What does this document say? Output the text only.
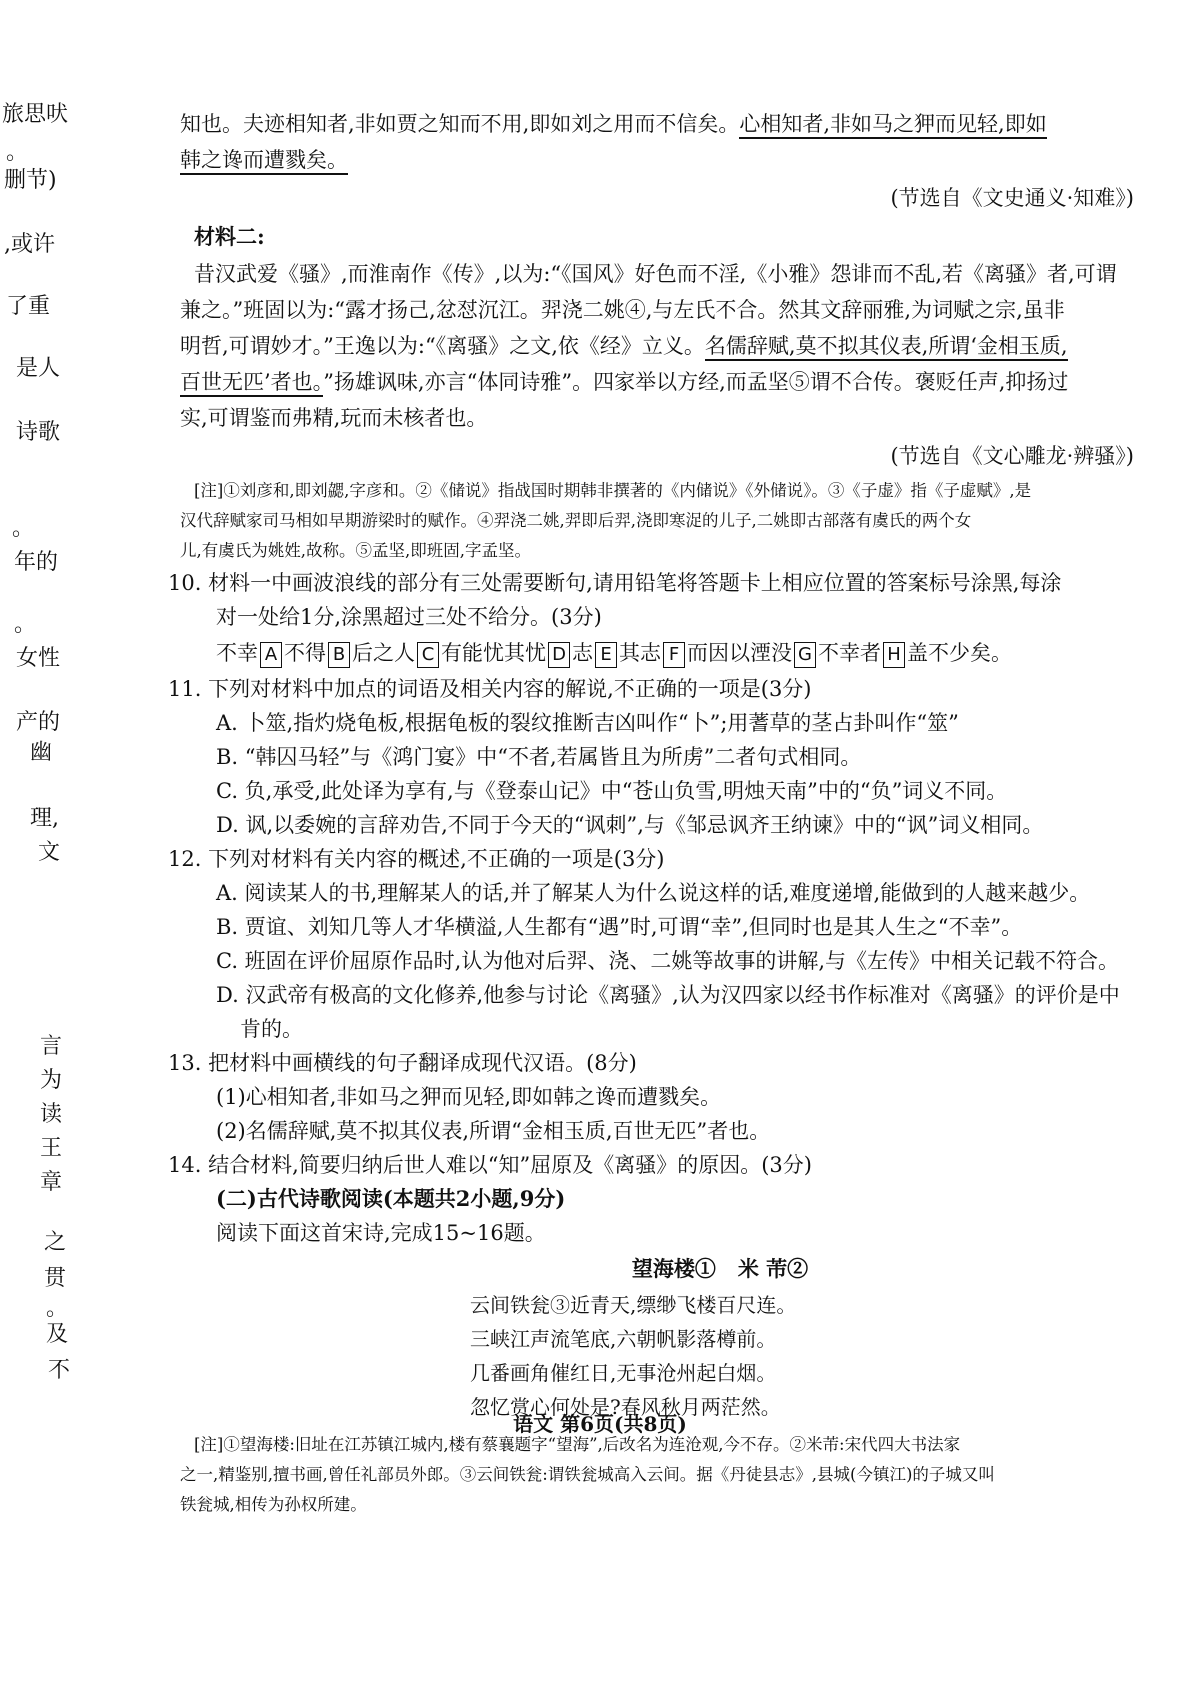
旅思吠
。
删节)
,或许
了重
是人
诗歌
。
年的
。
女性
产的
幽
理,
文
言
为
读
王
章
之
贯
。
及
不
知也。夫迹相知者,非如贾之知而不用,即如刘之用而不信矣。心相知者,非如马之狎而见轻,即如
韩之谗而遭戮矣。
(节选自《文史通义·知难》)
材料二:
昔汉武爱《骚》,而淮南作《传》,以为:“《国风》好色而不淫,《小雅》怨诽而不乱,若《离骚》者,可谓
兼之。”班固以为:“露才扬己,忿怼沉江。羿浇二姚④,与左氏不合。然其文辞丽雅,为词赋之宗,虽非
明哲,可谓妙才。”王逸以为:“《离骚》之文,依《经》立义。名儒辞赋,莫不拟其仪表,所谓‘金相玉质,
百世无匹’者也。”扬雄讽味,亦言“体同诗雅”。四家举以方经,而孟坚⑤谓不合传。褒贬任声,抑扬过
实,可谓鉴而弗精,玩而未核者也。
(节选自《文心雕龙·辨骚》)
[注]①刘彦和,即刘勰,字彦和。②《储说》指战国时期韩非撰著的《内储说》《外储说》。③《子虚》指《子虚赋》,是
汉代辞赋家司马相如早期游梁时的赋作。④羿浇二姚,羿即后羿,浇即寒浞的儿子,二姚即古部落有虞氏的两个女
儿,有虞氏为姚姓,故称。⑤孟坚,即班固,字孟坚。
10. 材料一中画波浪线的部分有三处需要断句,请用铅笔将答题卡上相应位置的答案标号涂黑,每涂
对一处给1分,涂黑超过三处不给分。(3分)
不幸 A 不得 B 后之人 C 有能忧其忧 D 志 E 其志 F 而因以湮没 G 不幸者 H 盖不少矣。
11. 下列对材料中加点的词语及相关内容的解说,不正确的一项是(3分)
A. 卜筮,指灼烧龟板,根据龟板的裂纹推断吉凶叫作“卜”;用蓍草的茎占卦叫作“筮”
B. “韩囚马轻”与《鸿门宴》中“不者,若属皆且为所虏”二者句式相同。
C. 负,承受,此处译为享有,与《登泰山记》中“苍山负雪,明烛天南”中的“负”词义不同。
D. 讽,以委婉的言辞劝告,不同于今天的“讽刺”,与《邹忌讽齐王纳谏》中的“讽”词义相同。
12. 下列对材料有关内容的概述,不正确的一项是(3分)
A. 阅读某人的书,理解某人的话,并了解某人为什么说这样的话,难度递增,能做到的人越来越少。
B. 贾谊、刘知几等人才华横溢,人生都有“遇”时,可谓“幸”,但同时也是其人生之“不幸”。
C. 班固在评价屈原作品时,认为他对后羿、浇、二姚等故事的讲解,与《左传》中相关记载不符合。
D. 汉武帝有极高的文化修养,他参与讨论《离骚》,认为汉四家以经书作标准对《离骚》的评价是中
肯的。
13. 把材料中画横线的句子翻译成现代汉语。(8分)
(1)心相知者,非如马之狎而见轻,即如韩之谗而遭戮矣。
(2)名儒辞赋,莫不拟其仪表,所谓“金相玉质,百世无匹”者也。
14. 结合材料,简要归纳后世人难以“知”屈原及《离骚》的原因。(3分)
(二)古代诗歌阅读(本题共2小题,9分)
阅读下面这首宋诗,完成15~16题。
望海楼① 米 芾②
云间铁瓮③近青天,缥缈飞楼百尺连。
三峡江声流笔底,六朝帆影落樽前。
几番画角催红日,无事沧州起白烟。
忽忆赏心何处是?春风秋月两茫然。
[注]①望海楼:旧址在江苏镇江城内,楼有蔡襄题字“望海”,后改名为连沧观,今不存。②米芾:宋代四大书法家
之一,精鉴别,擅书画,曾任礼部员外郎。③云间铁瓮:谓铁瓮城高入云间。据《丹徒县志》,县城(今镇江)的子城又叫
铁瓮城,相传为孙权所建。
语文 第6页(共8页)
